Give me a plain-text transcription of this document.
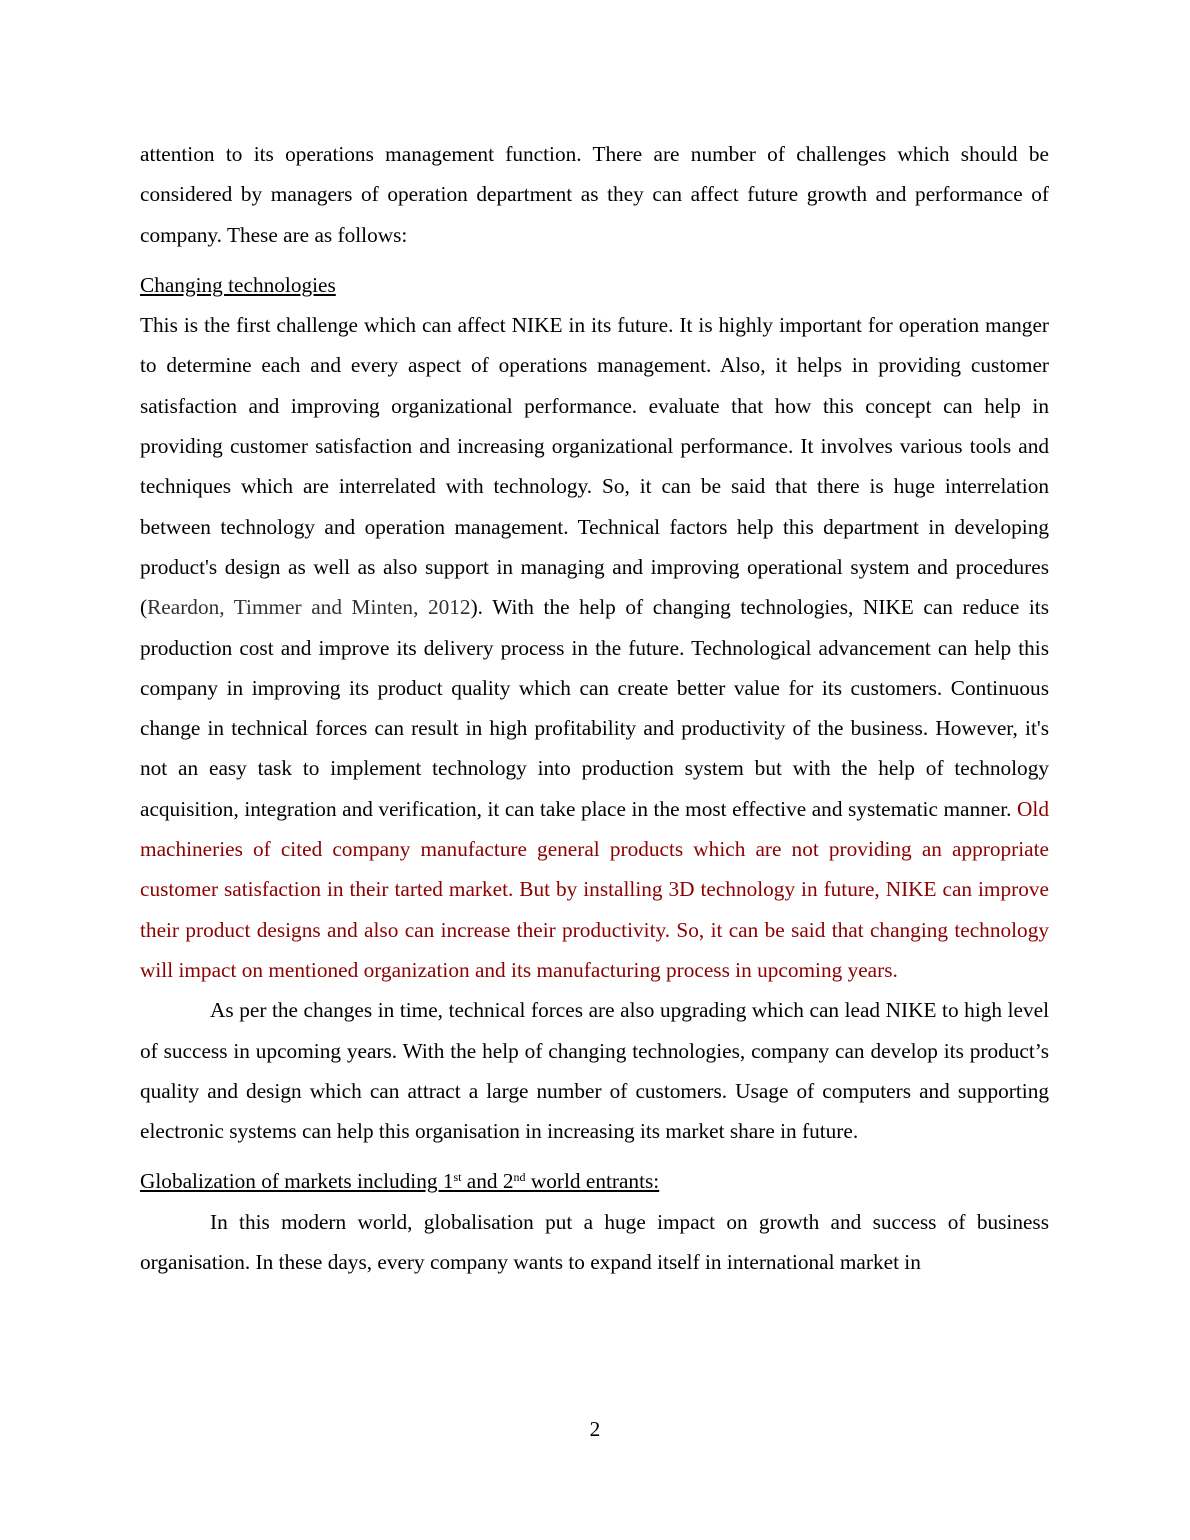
attention to its operations management function. There are number of challenges which should be considered by managers of operation department as they can affect future growth and performance of company. These are as follows:

Changing technologies

This is the first challenge which can affect NIKE in its future. It is highly important for operation manger to determine each and every aspect of operations management. Also, it helps in providing customer satisfaction and improving organizational performance. evaluate that how this concept can help in providing customer satisfaction and increasing organizational performance. It involves various tools and techniques which are interrelated with technology. So, it can be said that there is huge interrelation between technology and operation management. Technical factors help this department in developing product's design as well as also support in managing and improving operational system and procedures (Reardon, Timmer and Minten, 2012). With the help of changing technologies, NIKE can reduce its production cost and improve its delivery process in the future. Technological advancement can help this company in improving its product quality which can create better value for its customers. Continuous change in technical forces can result in high profitability and productivity of the business. However, it's not an easy task to implement technology into production system but with the help of technology acquisition, integration and verification, it can take place in the most effective and systematic manner. Old machineries of cited company manufacture general products which are not providing an appropriate customer satisfaction in their tarted market. But by installing 3D technology in future, NIKE can improve their product designs and also can increase their productivity. So, it can be said that changing technology will impact on mentioned organization and its manufacturing process in upcoming years.

As per the changes in time, technical forces are also upgrading which can lead NIKE to high level of success in upcoming years. With the help of changing technologies, company can develop its product’s quality and design which can attract a large number of customers. Usage of computers and supporting electronic systems can help this organisation in increasing its market share in future.

Globalization of markets including 1st and 2nd world entrants:

In this modern world, globalisation put a huge impact on growth and success of business organisation. In these days, every company wants to expand itself in international market in

2
